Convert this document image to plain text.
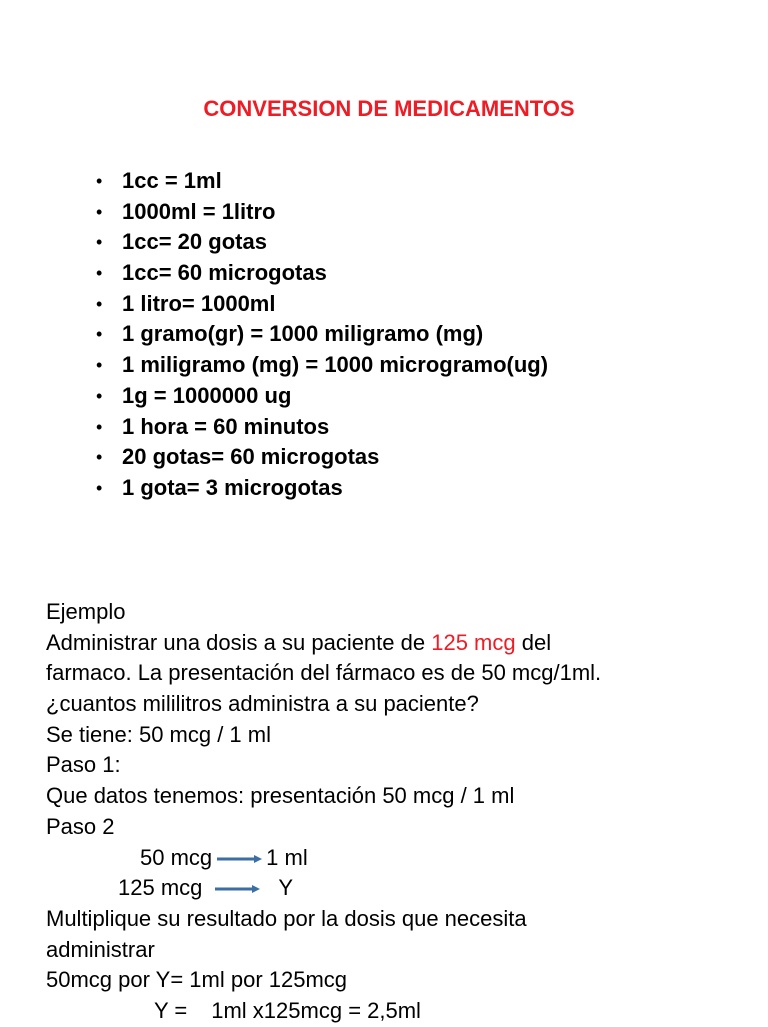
CONVERSION DE MEDICAMENTOS
• 1cc = 1ml
• 1000ml = 1litro
• 1cc= 20 gotas
• 1cc= 60 microgotas
• 1 litro= 1000ml
• 1 gramo(gr) = 1000 miligramo (mg)
• 1 miligramo (mg) = 1000 microgramo(ug)
• 1g = 1000000 ug
• 1 hora = 60 minutos
• 20 gotas= 60 microgotas
• 1 gota= 3 microgotas
Ejemplo
Administrar una dosis a su paciente de 125 mcg del
farmaco. La presentación del fármaco es de 50 mcg/1ml.
¿cuantos mililitros administra a su paciente?
Se tiene: 50 mcg / 1 ml
Paso 1:
Que datos tenemos: presentación 50 mcg / 1 ml
Paso 2
50 mcg 1 ml
125 mcg	Y
Multiplique su resultado por la dosis que necesita
administrar
50mcg por Y= 1ml por 125mcg
Y = 1ml x125mcg = 2,5ml
